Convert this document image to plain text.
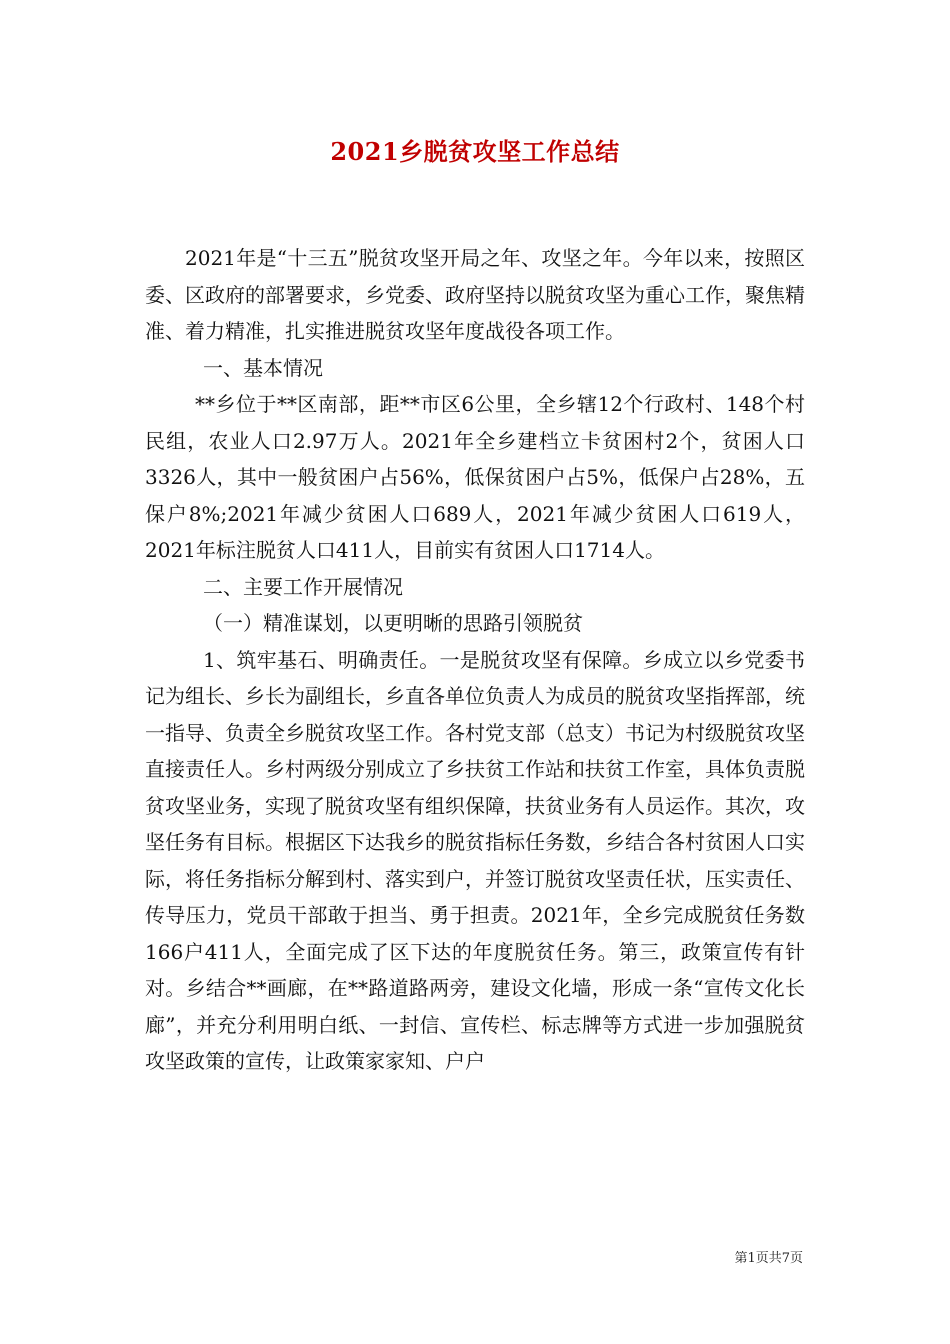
2021乡脱贫攻坚工作总结

2021年是“十三五”脱贫攻坚开局之年、攻坚之年。今年以来，按照区委、区政府的部署要求，乡党委、政府坚持以脱贫攻坚为重心工作，聚焦精准、着力精准，扎实推进脱贫攻坚年度战役各项工作。

一、基本情况

**乡位于**区南部，距**市区6公里，全乡辖12个行政村、148个村民组，农业人口2.97万人。2021年全乡建档立卡贫困村2个，贫困人口3326人，其中一般贫困户占56%，低保贫困户占5%，低保户占28%，五保户8%;2021年减少贫困人口689人，2021年减少贫困人口619人，2021年标注脱贫人口411人，目前实有贫困人口1714人。

二、主要工作开展情况

（一）精准谋划，以更明晰的思路引领脱贫

1、筑牢基石、明确责任。一是脱贫攻坚有保障。乡成立以乡党委书记为组长、乡长为副组长，乡直各单位负责人为成员的脱贫攻坚指挥部，统一指导、负责全乡脱贫攻坚工作。各村党支部（总支）书记为村级脱贫攻坚直接责任人。乡村两级分别成立了乡扶贫工作站和扶贫工作室，具体负责脱贫攻坚业务，实现了脱贫攻坚有组织保障，扶贫业务有人员运作。其次，攻坚任务有目标。根据区下达我乡的脱贫指标任务数，乡结合各村贫困人口实际，将任务指标分解到村、落实到户，并签订脱贫攻坚责任状，压实责任、传导压力，党员干部敢于担当、勇于担责。2021年，全乡完成脱贫任务数166户411人，全面完成了区下达的年度脱贫任务。第三，政策宣传有针对。乡结合**画廊，在**路道路两旁，建设文化墙，形成一条“宣传文化长廊”，并充分利用明白纸、一封信、宣传栏、标志牌等方式进一步加强脱贫攻坚政策的宣传，让政策家家知、户户

第1页共7页
